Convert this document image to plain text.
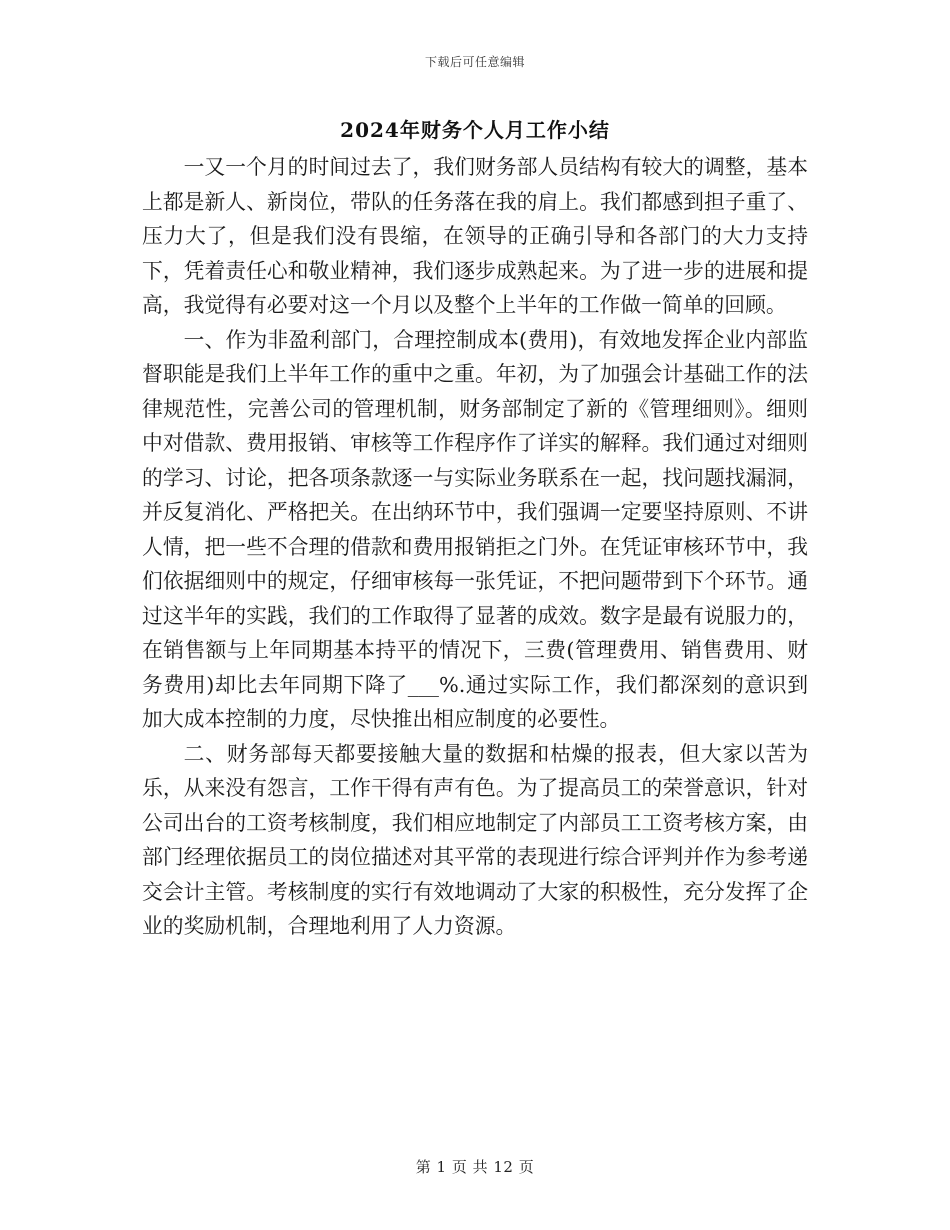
下载后可任意编辑
2024年财务个人月工作小结

一又一个月的时间过去了，我们财务部人员结构有较大的调整，基本上都是新人、新岗位，带队的任务落在我的肩上。我们都感到担子重了、压力大了，但是我们没有畏缩，在领导的正确引导和各部门的大力支持下，凭着责任心和敬业精神，我们逐步成熟起来。为了进一步的进展和提高，我觉得有必要对这一个月以及整个上半年的工作做一简单的回顾。

一、作为非盈利部门，合理控制成本(费用)，有效地发挥企业内部监督职能是我们上半年工作的重中之重。年初，为了加强会计基础工作的法律规范性，完善公司的管理机制，财务部制定了新的《管理细则》。细则中对借款、费用报销、审核等工作程序作了详实的解释。我们通过对细则的学习、讨论，把各项条款逐一与实际业务联系在一起，找问题找漏洞，并反复消化、严格把关。在出纳环节中，我们强调一定要坚持原则、不讲人情，把一些不合理的借款和费用报销拒之门外。在凭证审核环节中，我们依据细则中的规定，仔细审核每一张凭证，不把问题带到下个环节。通过这半年的实践，我们的工作取得了显著的成效。数字是最有说服力的，在销售额与上年同期基本持平的情况下，三费(管理费用、销售费用、财务费用)却比去年同期下降了___%.通过实际工作，我们都深刻的意识到加大成本控制的力度，尽快推出相应制度的必要性。

二、财务部每天都要接触大量的数据和枯燥的报表，但大家以苦为乐，从来没有怨言，工作干得有声有色。为了提高员工的荣誉意识，针对公司出台的工资考核制度，我们相应地制定了内部员工工资考核方案，由部门经理依据员工的岗位描述对其平常的表现进行综合评判并作为参考递交会计主管。考核制度的实行有效地调动了大家的积极性，充分发挥了企业的奖励机制，合理地利用了人力资源。

第 1 页 共 12 页
